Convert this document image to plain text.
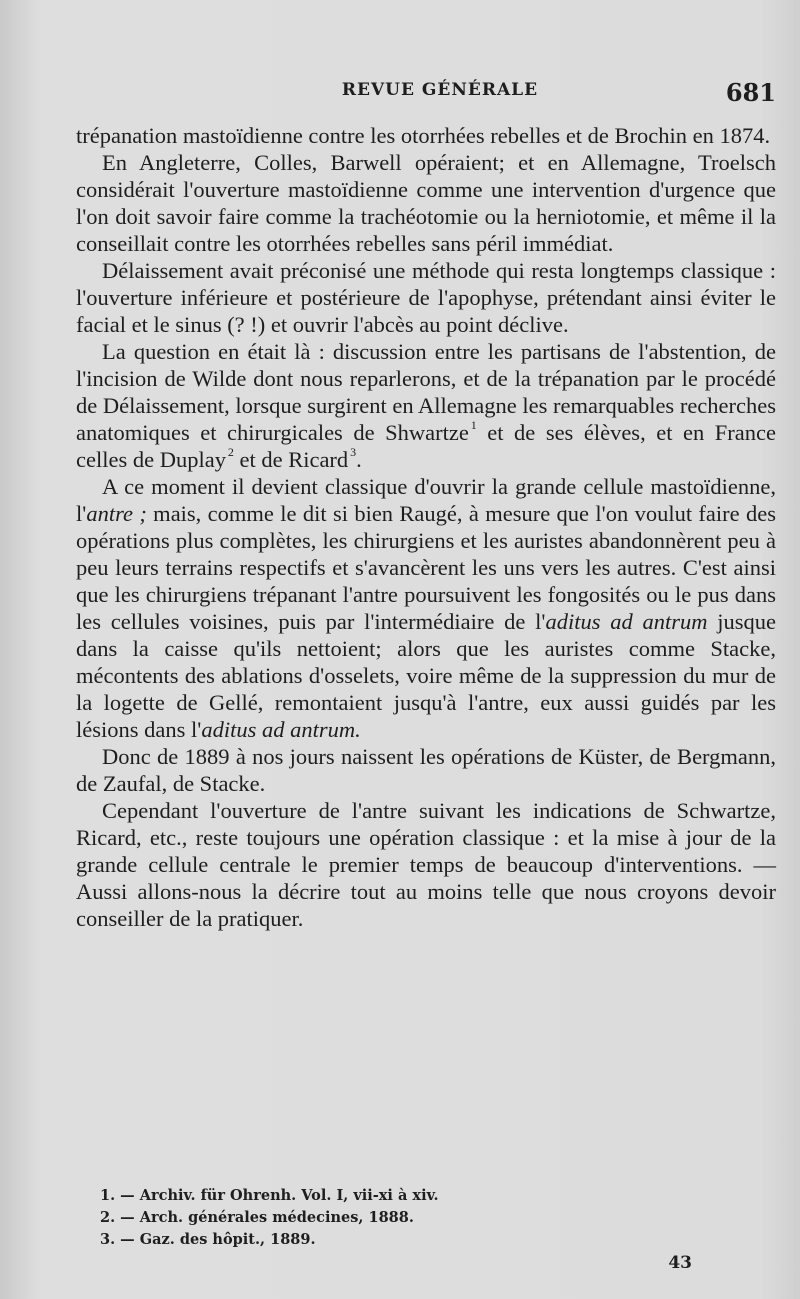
REVUE GÉNÉRALE	681

trépanation mastoïdienne contre les otorrhées rebelles et de Brochin en 1874.

En Angleterre, Colles, Barwell opéraient; et en Allemagne, Troelsch considérait l'ouverture mastoïdienne comme une intervention d'urgence que l'on doit savoir faire comme la trachéotomie ou la herniotomie, et même il la conseillait contre les otorrhées rebelles sans péril immédiat.

Délaissement avait préconisé une méthode qui resta longtemps classique : l'ouverture inférieure et postérieure de l'apophyse, prétendant ainsi éviter le facial et le sinus (? !) et ouvrir l'abcès au point déclive.

La question en était là : discussion entre les partisans de l'abstention, de l'incision de Wilde dont nous reparlerons, et de la trépanation par le procédé de Délaissement, lorsque surgirent en Allemagne les remarquables recherches anatomiques et chirurgicales de Shwartze  $^1$ et de ses élèves, et en France celles de Duplay  $^2$ et de Ricard  $^3$.

A ce moment il devient classique d'ouvrir la grande cellule mastoïdienne, l'antre ; mais, comme le dit si bien Raugé, à mesure que l'on voulut faire des opérations plus complètes, les chirurgiens et les auristes abandonnèrent peu à peu leurs terrains respectifs et s'avancèrent les uns vers les autres. C'est ainsi que les chirurgiens trépanant l'antre poursuivent les fongosités ou le pus dans les cellules voisines, puis par l'intermédiaire de l'aditus ad antrum jusque dans la caisse qu'ils nettoient; alors que les auristes comme Stacke, mécontents des ablations d'osselets, voire même de la suppression du mur de la logette de Gellé, remontaient jusqu'à l'antre, eux aussi guidés par les lésions dans l'aditus ad antrum.

Donc de 1889 à nos jours naissent les opérations de Küster, de Bergmann, de Zaufal, de Stacke.

Cependant l'ouverture de l'antre suivant les indications de Schwartze, Ricard, etc., reste toujours une opération classique : et la mise à jour de la grande cellule centrale le premier temps de beaucoup d'interventions. — Aussi allons-nous la décrire tout au moins telle que nous croyons devoir conseiller de la pratiquer.

1. — Archiv. für Ohrenh. Vol. I, vii-xi à xiv.
2. — Arch. générales médecines, 1888.
3. — Gaz. des hôpit., 1889.
43
